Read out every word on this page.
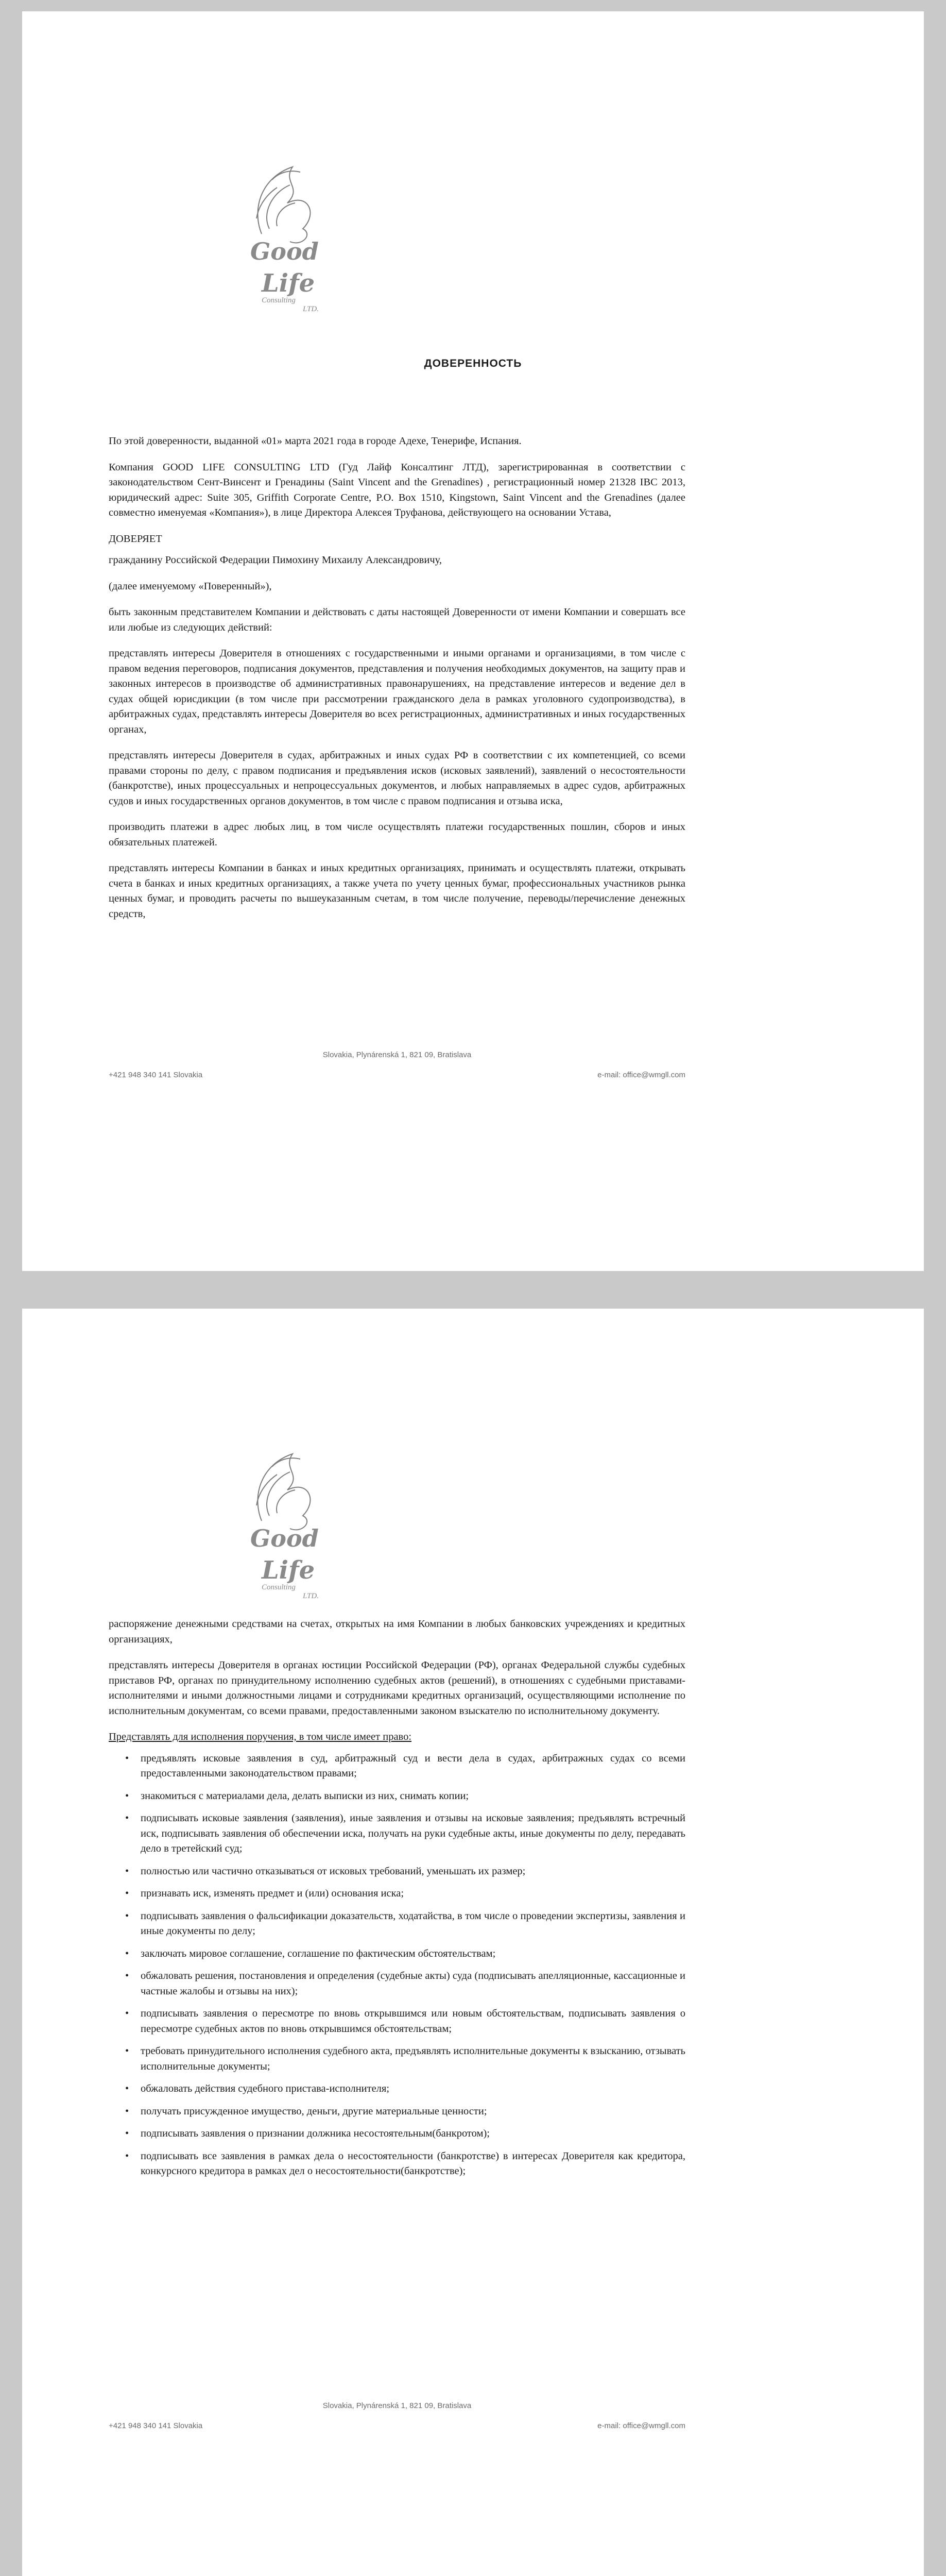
Good
Life Consulting
LTD.
ДОВЕРЕННОСТЬ

По этой доверенности, выданной «01» марта 2021 года в городе Адехе, Тенерифе, Испания.

Компания GOOD LIFE CONSULTING LTD (Гуд Лайф Консалтинг ЛТД), зарегистрированная в соответствии с законодательством Сент-Винсент и Гренадины (Saint Vincent and the Grenadines) , регистрационный номер 21328 IBC 2013, юридический адрес: Suite 305, Griffith Corporate Centre, P.O. Box 1510, Kingstown, Saint Vincent and the Grenadines (далее совместно именуемая «Компания»), в лице Директора Алексея Труфанова, действующего на основании Устава,

ДОВЕРЯЕТ

гражданину Российской Федерации Пимохину Михаилу Александровичу,

(далее именуемому «Поверенный»),

быть законным представителем Компании и действовать с даты настоящей Доверенности от имени Компании и совершать все или любые из следующих действий:

представлять интересы Доверителя в отношениях с государственными и иными органами и организациями, в том числе с правом ведения переговоров, подписания документов, представления и получения необходимых документов, на защиту прав и законных интересов в производстве об административных правонарушениях, на представление интересов и ведение дел в судах общей юрисдикции (в том числе при рассмотрении гражданского дела в рамках уголовного судопроизводства), в арбитражных судах, представлять интересы Доверителя во всех регистрационных, административных и иных государственных органах,

представлять интересы Доверителя в судах, арбитражных и иных судах РФ в соответствии с их компетенцией, со всеми правами стороны по делу, с правом подписания и предъявления исков (исковых заявлений), заявлений о несостоятельности (банкротстве), иных процессуальных и непроцессуальных документов, и любых направляемых в адрес судов, арбитражных судов и иных государственных органов документов, в том числе с правом подписания и отзыва иска,

производить платежи в адрес любых лиц, в том числе осуществлять платежи государственных пошлин, сборов и иных обязательных платежей.

представлять интересы Компании в банках и иных кредитных организациях, принимать и осуществлять платежи, открывать счета в банках и иных кредитных организациях, а также учета по учету ценных бумаг, профессиональных участников рынка ценных бумаг, и проводить расчеты по вышеуказанным счетам, в том числе получение, переводы/перечисление денежных средств,

Slovakia, Plynárenská 1, 821 09, Bratislava
+421 948 340 141 Slovakia	e-mail: office@wmgll.com
Good
Life Consulting
LTD.

распоряжение денежными средствами на счетах, открытых на имя Компании в любых банковских учреждениях и кредитных организациях,

представлять интересы Доверителя в органах юстиции Российской Федерации (РФ), органах Федеральной службы судебных приставов РФ, органах по принудительному исполнению судебных актов (решений), в отношениях с судебными приставами-исполнителями и иными должностными лицами и сотрудниками кредитных организаций, осуществляющими исполнение по исполнительным документам, со всеми правами, предоставленными законом взыскателю по исполнительному документу.

Представлять для исполнения поручения, в том числе имеет право:

• предъявлять исковые заявления в суд, арбитражный суд и вести дела в судах, арбитражных судах со всеми предоставленными законодательством правами;
• знакомиться с материалами дела, делать выписки из них, снимать копии;
• подписывать исковые заявления (заявления), иные заявления и отзывы на исковые заявления; предъявлять встречный иск, подписывать заявления об обеспечении иска, получать на руки судебные акты, иные документы по делу, передавать дело в третейский суд;
• полностью или частично отказываться от исковых требований, уменьшать их размер;
• признавать иск, изменять предмет и (или) основания иска;
• подписывать заявления о фальсификации доказательств, ходатайства, в том числе о проведении экспертизы, заявления и иные документы по делу;
• заключать мировое соглашение, соглашение по фактическим обстоятельствам;
• обжаловать решения, постановления и определения (судебные акты) суда (подписывать апелляционные, кассационные и частные жалобы и отзывы на них);
• подписывать заявления о пересмотре по вновь открывшимся или новым обстоятельствам, подписывать заявления о пересмотре судебных актов по вновь открывшимся обстоятельствам;
• требовать принудительного исполнения судебного акта, предъявлять исполнительные документы к взысканию, отзывать исполнительные документы;
• обжаловать действия судебного пристава-исполнителя;
• получать присужденное имущество, деньги, другие материальные ценности;
• подписывать заявления о признании должника несостоятельным(банкротом);
• подписывать все заявления в рамках дела о несостоятельности (банкротстве) в интересах Доверителя как кредитора, конкурсного кредитора в рамках дел о несостоятельности(банкротстве);
Slovakia, Plynárenská 1, 821 09, Bratislava
+421 948 340 141 Slovakia	e-mail: office@wmgll.com
